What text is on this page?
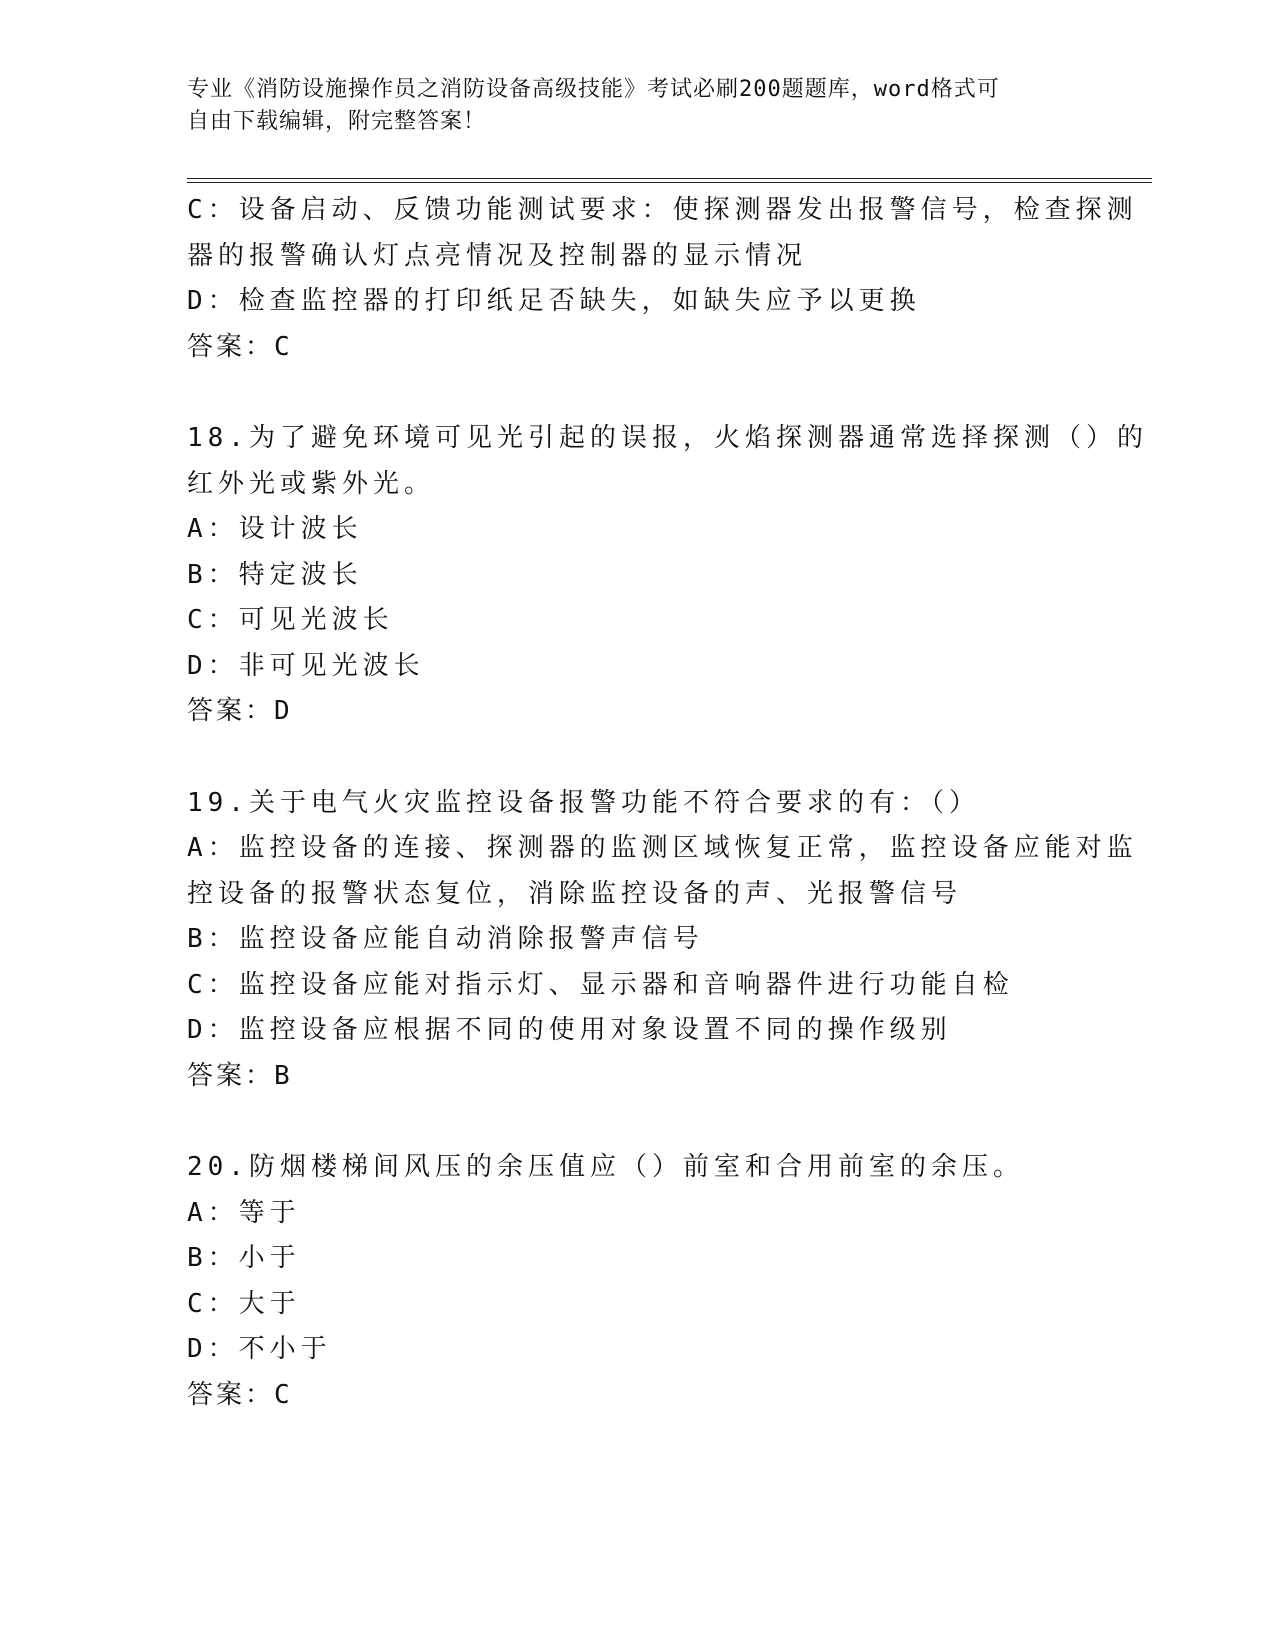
专业《消防设施操作员之消防设备高级技能》考试必刷200题题库，word格式可
自由下载编辑，附完整答案！
C：设备启动、反馈功能测试要求：使探测器发出报警信号，检查探测
器的报警确认灯点亮情况及控制器的显示情况
D：检查监控器的打印纸足否缺失，如缺失应予以更换
答案：C
18.为了避免环境可见光引起的误报，火焰探测器通常选择探测（）的
红外光或紫外光。
A：设计波长
B：特定波长
C：可见光波长
D：非可见光波长
答案：D
19.关于电气火灾监控设备报警功能不符合要求的有：（）
A：监控设备的连接、探测器的监测区域恢复正常，监控设备应能对监
控设备的报警状态复位，消除监控设备的声、光报警信号
B：监控设备应能自动消除报警声信号
C：监控设备应能对指示灯、显示器和音响器件进行功能自检
D：监控设备应根据不同的使用对象设置不同的操作级别
答案：B
20.防烟楼梯间风压的余压值应（）前室和合用前室的余压。
A：等于
B：小于
C：大于
D：不小于
答案：C
